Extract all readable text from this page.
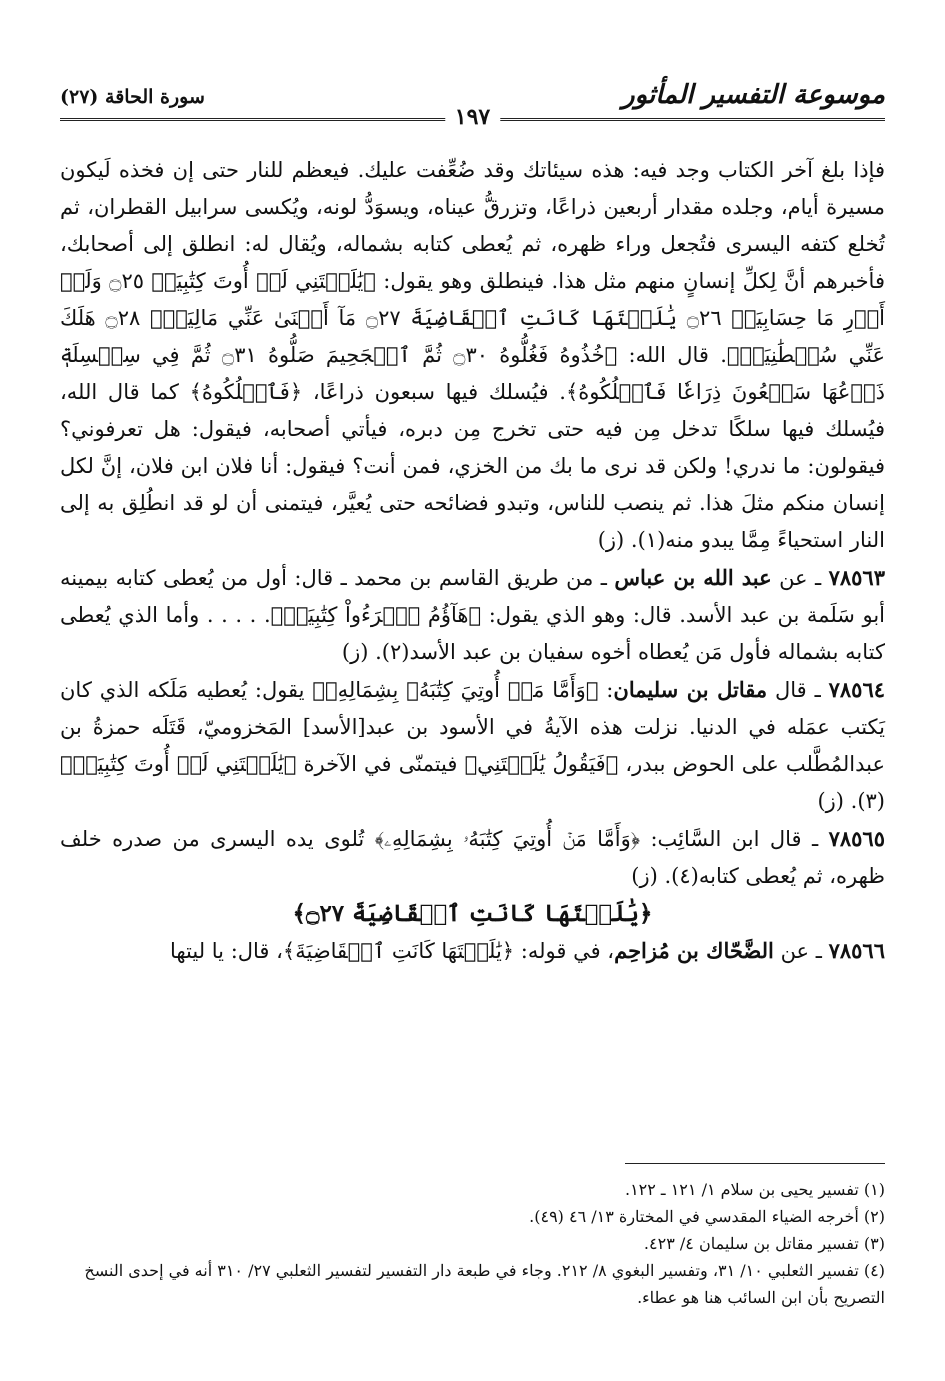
موسوعة التفسير المأثور
١٩٧
سورة الحاقة (٢٧)

فإذا بلغ آخر الكتاب وجد فيه: هذه سيئاتك وقد ضُعِّفت عليك. فيعظم للنار حتى إن فخذه لَيكون مسيرة أيام، وجلده مقدار أربعين ذراعًا، وتزرقُّ عيناه، ويسوَدُّ لونه، ويُكسى سرابيل القطران، ثم تُخلع كتفه اليسرى فتُجعل وراء ظهره، ثم يُعطى كتابه بشماله، ويُقال له: انطلق إلى أصحابك، فأخبرهم أنَّ لِكلِّ إنسانٍ منهم مثل هذا. فينطلق وهو يقول: ﴿يَٰلَيۡتَنِي لَمۡ أُوتَ كِتَٰبِيَهۡ ۝٢٥ وَلَمۡ أَدۡرِ مَا حِسَابِيَهۡ ۝٢٦ يَٰلَيۡتَهَا كَانَتِ ٱلۡقَاضِيَةَ ۝٢٧ مَآ أَغۡنَىٰ عَنِّي مَالِيَهۡۜ ۝٢٨ هَلَكَ عَنِّي سُلۡطَٰنِيَهۡ﴾. قال الله: ﴿خُذُوهُ فَغُلُّوهُ ۝٣٠ ثُمَّ ٱلۡجَحِيمَ صَلُّوهُ ۝٣١ ثُمَّ فِي سِلۡسِلَةٖ ذَرۡعُهَا سَبۡعُونَ ذِرَاعٗا فَٱسۡلُكُوهُ﴾. فيُسلك فيها سبعون ذراعًا، ﴿فَٱسۡلُكُوهُ﴾ كما قال الله، فيُسلك فيها سلكًا تدخل مِن فيه حتى تخرج مِن دبره، فيأتي أصحابه، فيقول: هل تعرفوني؟ فيقولون: ما ندري! ولكن قد نرى ما بك من الخزي، فمن أنت؟ فيقول: أنا فلان ابن فلان، إنَّ لكل إنسان منكم مثلَ هذا. ثم ينصب للناس، وتبدو فضائحه حتى يُعيَّر، فيتمنى أن لو قد انطُلِق به إلى النار استحياءً مِمَّا يبدو منه(١). (ز)

٧٨٥٦٣ ـ عن عبد الله بن عباس ـ من طريق القاسم بن محمد ـ قال: أول من يُعطى كتابه بيمينه أبو سَلَمة بن عبد الأسد. قال: وهو الذي يقول: ﴿هَآؤُمُ ٱقۡرَءُواْ كِتَٰبِيَهۡ﴾. . . . . وأما الذي يُعطى كتابه بشماله فأول مَن يُعطاه أخوه سفيان بن عبد الأسد(٢). (ز)

٧٨٥٦٤ ـ قال مقاتل بن سليمان: ﴿وَأَمَّا مَنۡ أُوتِيَ كِتَٰبَهُۥ بِشِمَالِهِۦ﴾ يقول: يُعطيه مَلَكه الذي كان يَكتب عمَله في الدنيا. نزلت هذه الآيةُ في الأسود بن عبد[الأسد] المَخزوميّ، قَتَلَه حمزةُ بن عبدالمُطَّلب على الحوض ببدر، ﴿فَيَقُولُ يَٰلَيۡتَنِي﴾ فيتمنّى في الآخرة ﴿يَٰلَيۡتَنِي لَمۡ أُوتَ كِتَٰبِيَهۡ﴾(٣). (ز)

٧٨٥٦٥ ـ قال ابن السَّائِب: ﴿وَأَمَّا مَنۡ أُوتِيَ كِتَٰبَهُۥ بِشِمَالِهِۦ﴾ تُلوى يده اليسرى من صدره خلف ظهره، ثم يُعطى كتابه(٤). (ز)

﴿يَٰلَيۡتَهَا كَانَتِ ٱلۡقَاضِيَةَ ۝٢٧﴾

٧٨٥٦٦ ـ عن الضَّحّاك بن مُزاحِم، في قوله: ﴿يَٰلَيۡتَهَا كَانَتِ ٱلۡقَاضِيَةَ﴾، قال: يا ليتها

(١) تفسير يحيى بن سلام ١/ ١٢١ ـ ١٢٢.
(٢) أخرجه الضياء المقدسي في المختارة ١٣/ ٤٦ (٤٩).
(٣) تفسير مقاتل بن سليمان ٤/ ٤٢٣.
(٤) تفسير الثعلبي ١٠/ ٣١، وتفسير البغوي ٨/ ٢١٢. وجاء في طبعة دار التفسير لتفسير الثعلبي ٢٧/ ٣١٠ أنه في إحدى النسخ التصريح بأن ابن السائب هنا هو عطاء.
